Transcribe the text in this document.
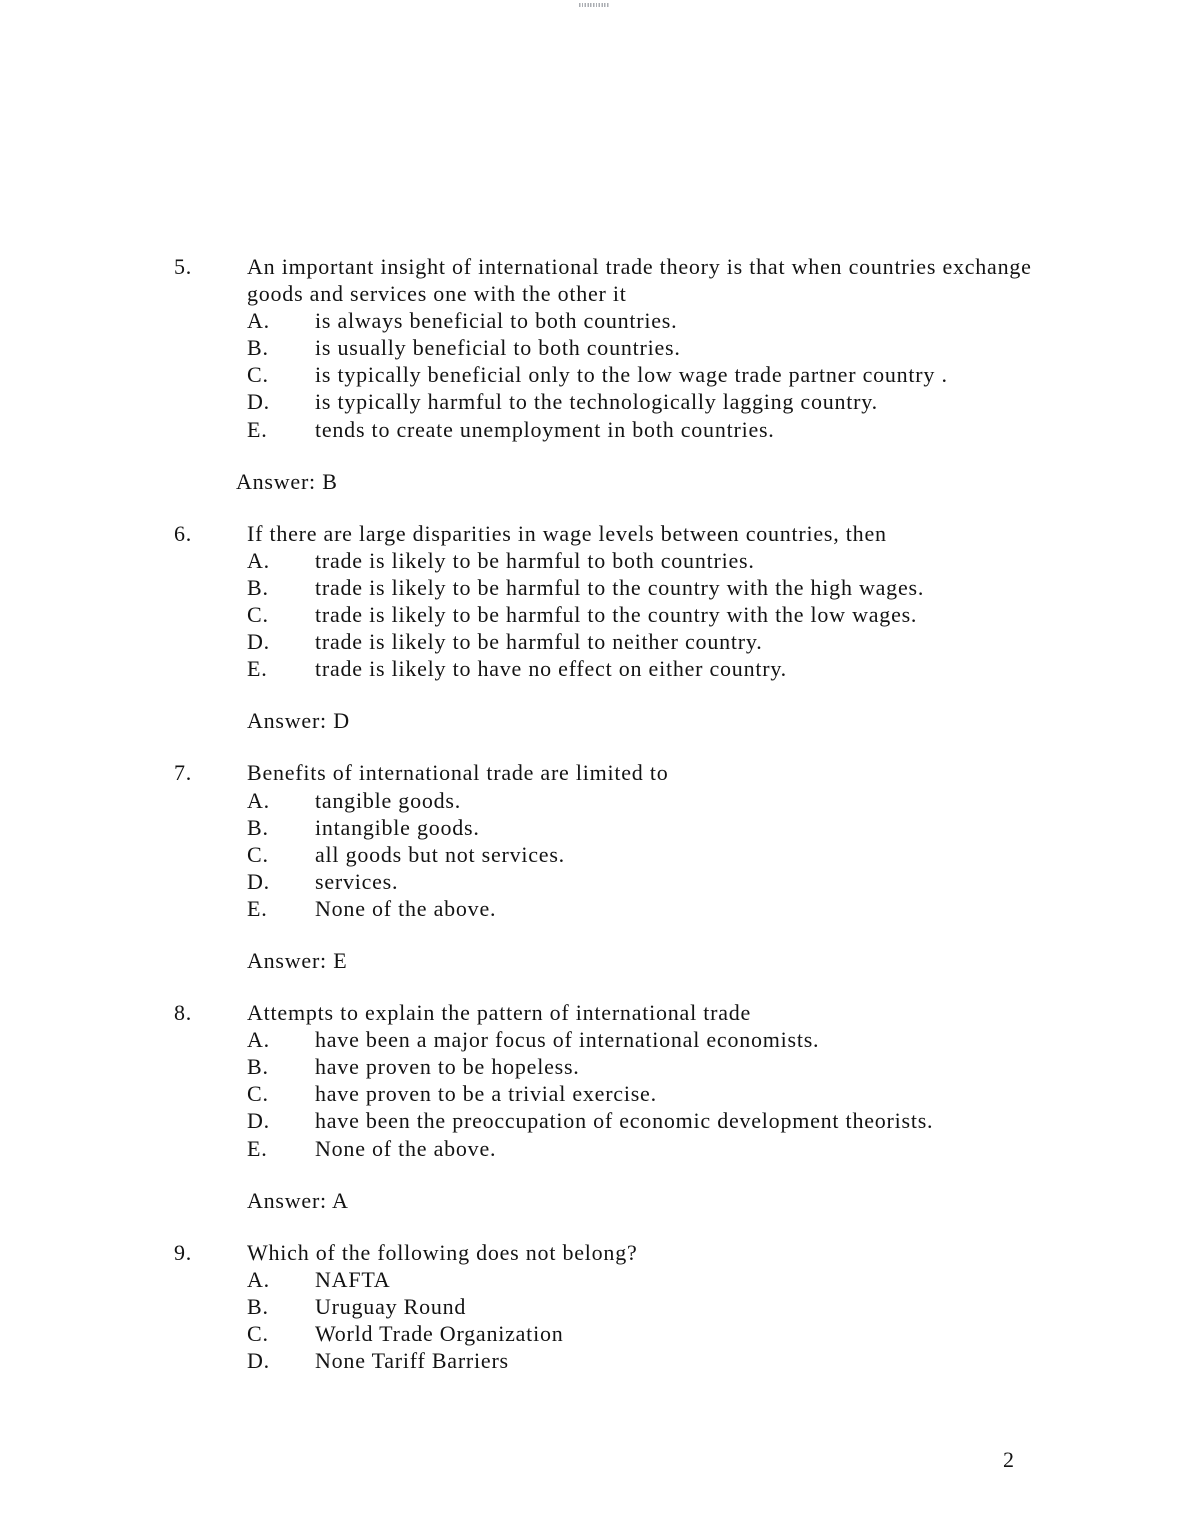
5.	An important insight of international trade theory is that when countries exchange goods and services one with the other it
A.	is always beneficial to both countries.
B.	is usually beneficial to both countries.
C.	is typically beneficial only to the low wage trade partner country .
D.	is typically harmful to the technologically lagging country.
E.	tends to create unemployment in both countries.
Answer: B
6.	If there are large disparities in wage levels between countries, then
A.	trade is likely to be harmful to both countries.
B.	trade is likely to be harmful to the country with the high wages.
C.	trade is likely to be harmful to the country with the low wages.
D.	trade is likely to be harmful to neither country.
E.	trade is likely to have no effect on either country.
Answer: D
7.	Benefits of international trade are limited to
A.	tangible goods.
B.	intangible goods.
C.	all goods but not services.
D.	services.
E.	None of the above.
Answer: E
8.	Attempts to explain the pattern of international trade
A.	have been a major focus of international economists.
B.	have proven to be hopeless.
C.	have proven to be a trivial exercise.
D.	have been the preoccupation of economic development theorists.
E.	None of the above.
Answer: A
9.	Which of the following does not belong?
A.	NAFTA
B.	Uruguay Round
C.	World Trade Organization
D.	None Tariff Barriers
2
